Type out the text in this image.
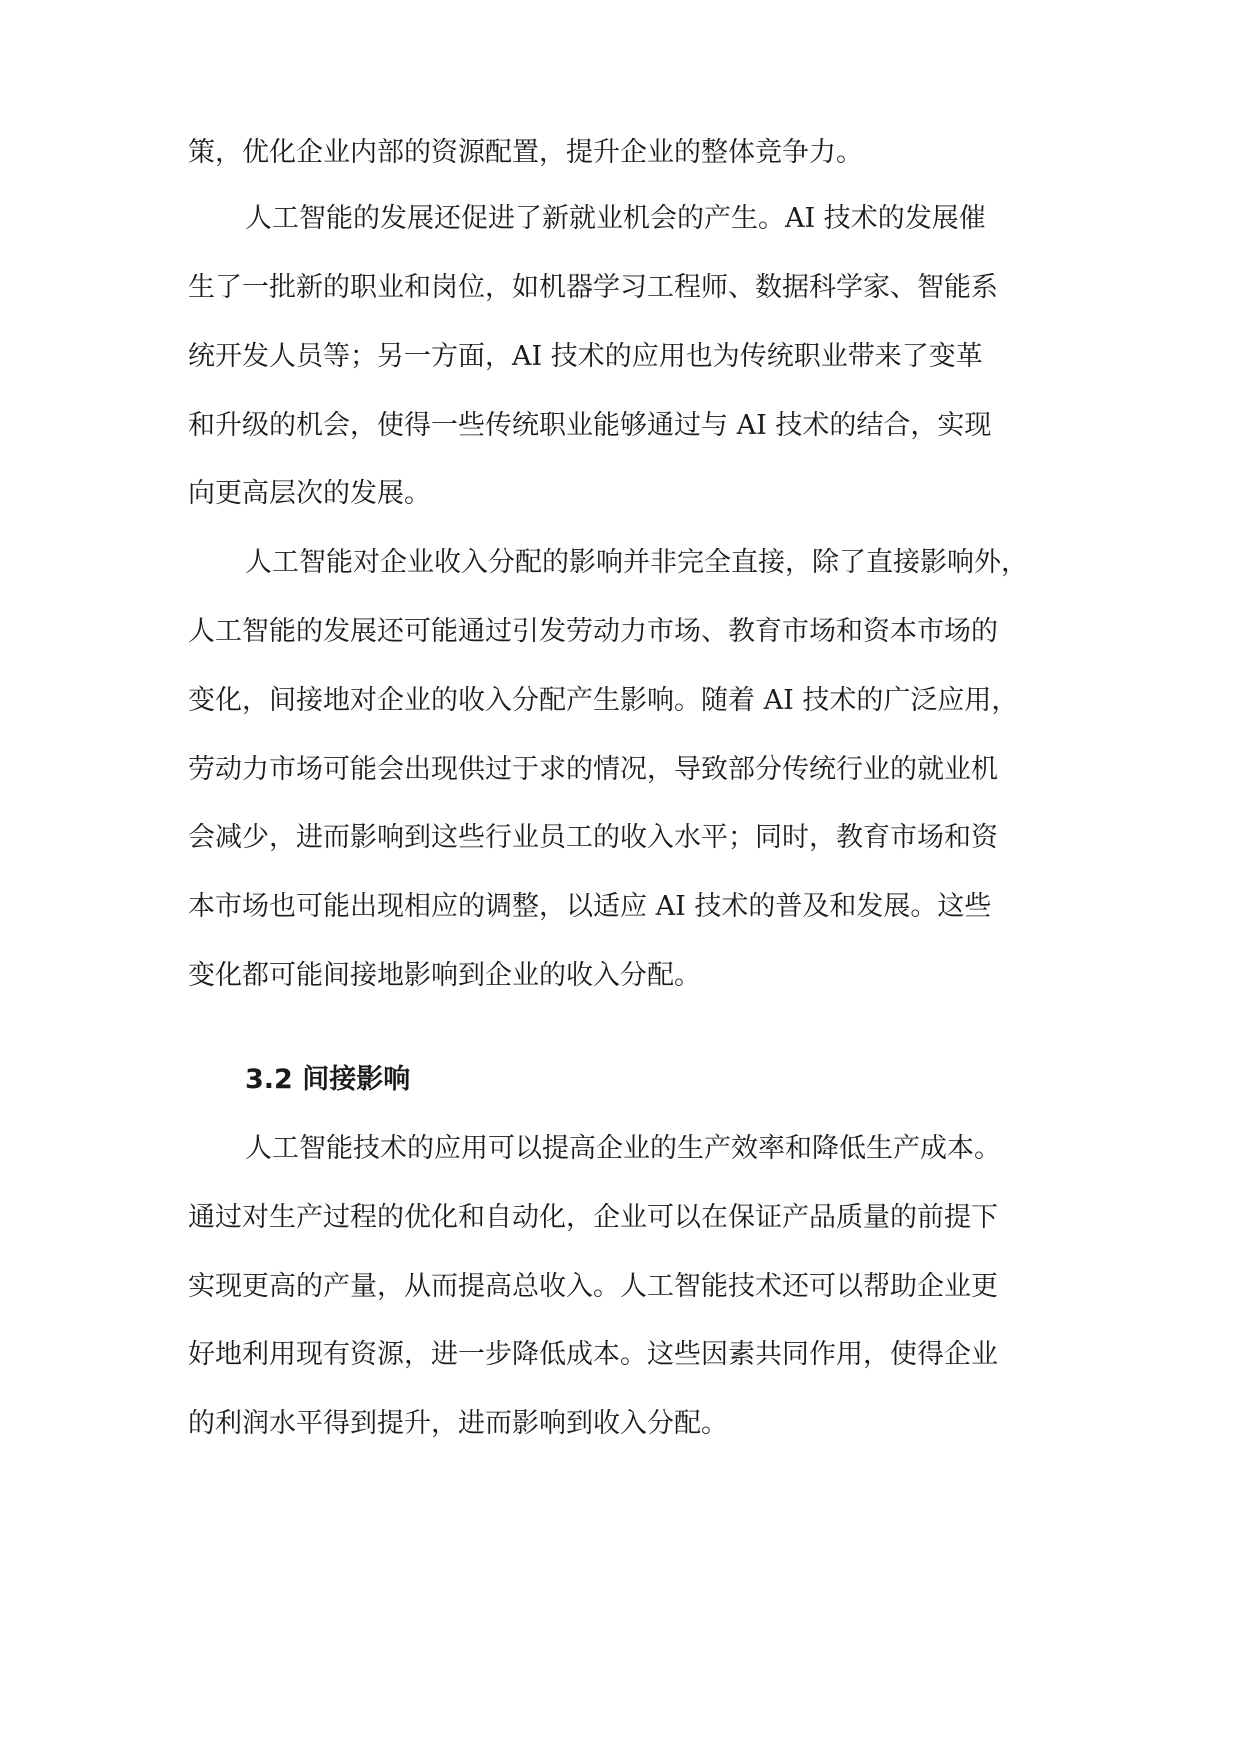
策，优化企业内部的资源配置，提升企业的整体竞争力。
人工智能的发展还促进了新就业机会的产生。AI 技术的发展催
生了一批新的职业和岗位，如机器学习工程师、数据科学家、智能系
统开发人员等；另一方面，AI 技术的应用也为传统职业带来了变革
和升级的机会，使得一些传统职业能够通过与 AI 技术的结合，实现
向更高层次的发展。
人工智能对企业收入分配的影响并非完全直接，除了直接影响外，
人工智能的发展还可能通过引发劳动力市场、教育市场和资本市场的
变化，间接地对企业的收入分配产生影响。随着 AI 技术的广泛应用，
劳动力市场可能会出现供过于求的情况，导致部分传统行业的就业机
会减少，进而影响到这些行业员工的收入水平；同时，教育市场和资
本市场也可能出现相应的调整，以适应 AI 技术的普及和发展。这些
变化都可能间接地影响到企业的收入分配。
3.2 间接影响
人工智能技术的应用可以提高企业的生产效率和降低生产成本。
通过对生产过程的优化和自动化，企业可以在保证产品质量的前提下
实现更高的产量，从而提高总收入。人工智能技术还可以帮助企业更
好地利用现有资源，进一步降低成本。这些因素共同作用，使得企业
的利润水平得到提升，进而影响到收入分配。
